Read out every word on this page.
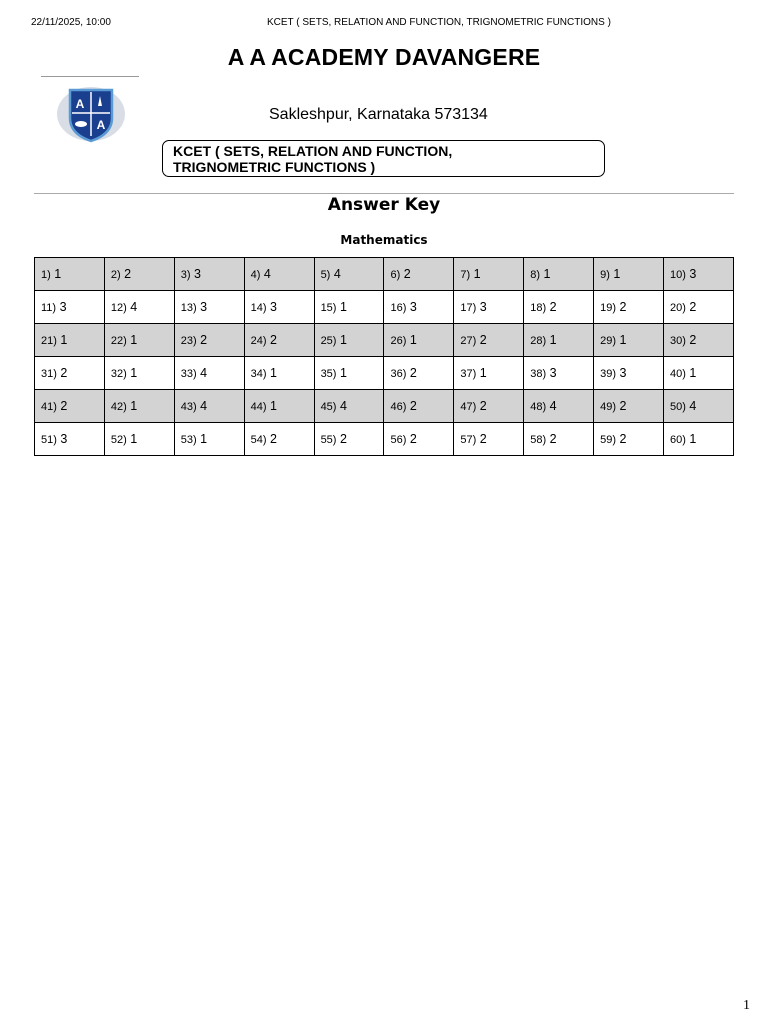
22/11/2025, 10:00	KCET ( SETS, RELATION AND FUNCTION, TRIGNOMETRIC FUNCTIONS )
A A ACADEMY DAVANGERE
A
A
Sakleshpur, Karnataka 573134
KCET ( SETS, RELATION AND FUNCTION,
TRIGNOMETRIC FUNCTIONS )
Answer Key
Mathematics
1) 1	2) 2	3) 3	4) 4	5) 4	6) 2	7) 1	8) 1	9) 1	10) 3
11) 3	12) 4	13) 3	14) 3	15) 1	16) 3	17) 3	18) 2	19) 2	20) 2
21) 1	22) 1	23) 2	24) 2	25) 1	26) 1	27) 2	28) 1	29) 1	30) 2
31) 2	32) 1	33) 4	34) 1	35) 1	36) 2	37) 1	38) 3	39) 3	40) 1
41) 2	42) 1	43) 4	44) 1	45) 4	46) 2	47) 2	48) 4	49) 2	50) 4
51) 3	52) 1	53) 1	54) 2	55) 2	56) 2	57) 2	58) 2	59) 2	60) 1
1
